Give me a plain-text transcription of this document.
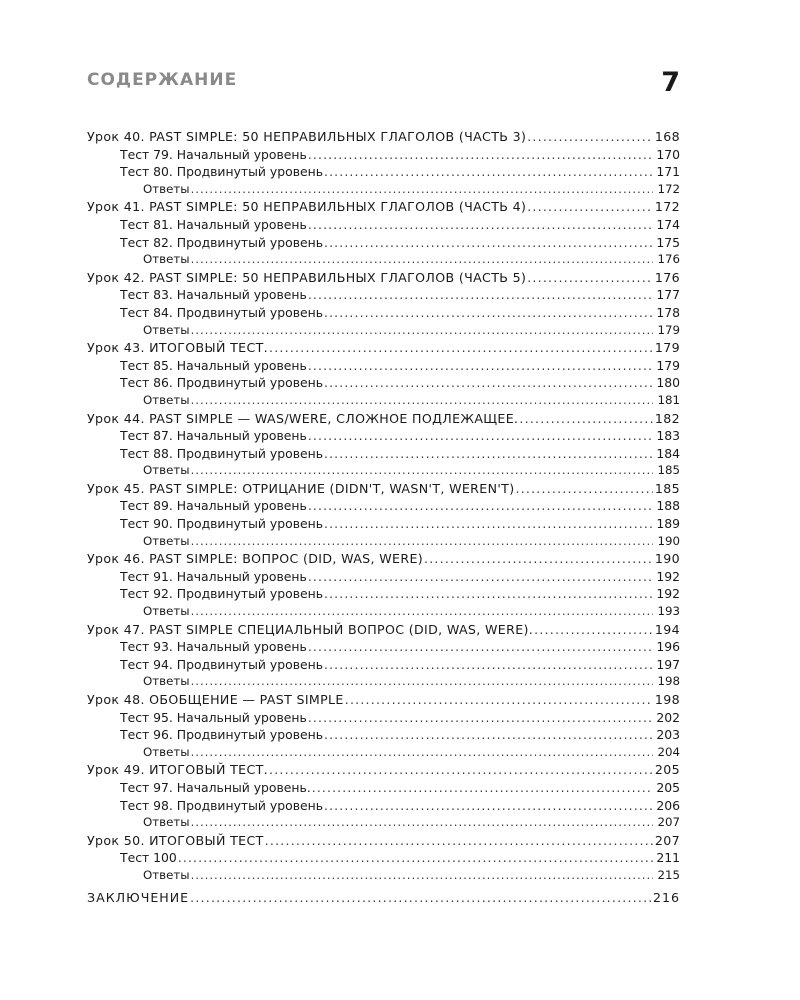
СОДЕРЖАНИЕ	7
Урок 40. PAST SIMPLE: 50 НЕПРАВИЛЬНЫХ ГЛАГОЛОВ (ЧАСТЬ 3) . . .	168
Тест 79. Начальный уровень . . .	170
Тест 80. Продвинутый уровень . . .	171
Ответы . . .	172
Урок 41. PAST SIMPLE: 50 НЕПРАВИЛЬНЫХ ГЛАГОЛОВ (ЧАСТЬ 4) . . .	172
Тест 81. Начальный уровень . . .	174
Тест 82. Продвинутый уровень . . .	175
Ответы . . .	176
Урок 42. PAST SIMPLE: 50 НЕПРАВИЛЬНЫХ ГЛАГОЛОВ (ЧАСТЬ 5) . . .	176
Тест 83. Начальный уровень . . .	177
Тест 84. Продвинутый уровень . . .	178
Ответы . . .	179
Урок 43. ИТОГОВЫЙ ТЕСТ. . . .	179
Тест 85. Начальный уровень . . .	179
Тест 86. Продвинутый уровень . . .	180
Ответы . . .	181
Урок 44. PAST SIMPLE — WAS/WERE, СЛОЖНОЕ ПОДЛЕЖАЩЕЕ. . . .	182
Тест 87. Начальный уровень . . .	183
Тест 88. Продвинутый уровень . . .	184
Ответы . . .	185
Урок 45. PAST SIMPLE: ОТРИЦАНИЕ (DIDN'T, WASN'T, WEREN'T) . . .	185
Тест 89. Начальный уровень . . .	188
Тест 90. Продвинутый уровень . . .	189
Ответы . . .	190
Урок 46. PAST SIMPLE: ВОПРОС (DID, WAS, WERE) . . .	190
Тест 91. Начальный уровень . . .	192
Тест 92. Продвинутый уровень . . .	192
Ответы . . .	193
Урок 47. PAST SIMPLE СПЕЦИАЛЬНЫЙ ВОПРОС (DID, WAS, WERE). . . .	194
Тест 93. Начальный уровень . . .	196
Тест 94. Продвинутый уровень . . .	197
Ответы . . .	198
Урок 48. ОБОБЩЕНИЕ — PAST SIMPLE . . .	198
Тест 95. Начальный уровень . . .	202
Тест 96. Продвинутый уровень . . .	203
Ответы . . .	204
Урок 49. ИТОГОВЫЙ ТЕСТ. . . .	205
Тест 97. Начальный уровень. . . .	205
Тест 98. Продвинутый уровень . . .	206
Ответы . . .	207
Урок 50. ИТОГОВЫЙ ТЕСТ . . .	207
Тест 100 . . .	211
Ответы . . .	215
ЗАКЛЮЧЕНИЕ . . .	216
